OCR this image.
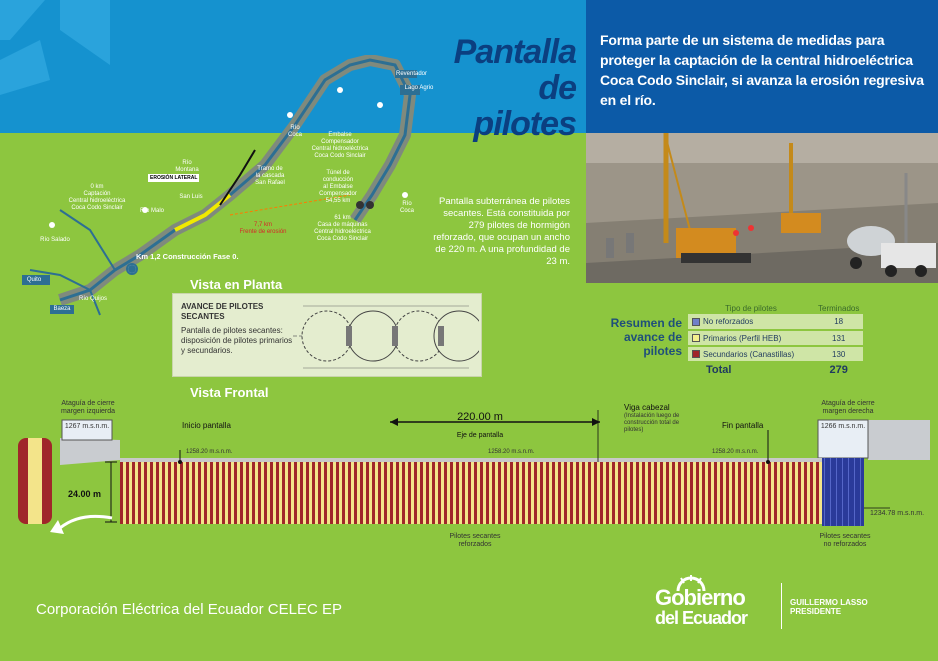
Forma parte de un sistema de medidas para proteger la captación de la central hidroeléctrica Coca Codo Sinclair, si avanza la erosión regresiva en el río.
Quito
Reventador
Lago Agrio
Baeza
0 km
Captación
Central hidroeléctrica
Coca Codo Sinclair
Km 1,2 Construcción Fase 0.
61 km
Casa de máquinas
Central hidroeléctrica
Coca Codo Sinclair
Túnel de
conducción
al Embalse
Compensador
54,55 km
Embalse
Compensador
Central hidroeléctrica
Coca Codo Sinclair
7,7 km
Frente de erosión
Tramo de
la cascada
San Rafael
EROSIÓN LATERAL
Río Malo
Río Salado
Río Quijos
Río Montana
Río Coca
Río Coca
San Luis
Pantalla
de pilotes
Pantalla subterránea de pilotes secantes. Está constituida por 279 pilotes de hormigón reforzado, que ocupan un ancho de 220 m. A una profundidad de 23 m.
Vista en Planta
AVANCE DE PILOTES SECANTES
Pantalla de pilotes secantes: disposición de pilotes primarios y secundarios.
Resumen de avance de pilotes
Tipo de pilotes	Terminados
No reforzados	18
Primarios (Perfil HEB)	131
Secundarios (Canastillas)	130
Total	279
Vista Frontal
Ataguía de cierre
margen izquierda
1267 m.s.n.m.
Ataguía de cierre
margen derecha
1266 m.s.n.m.
220.00 m
Eje de pantalla
Inicio pantalla	Fin pantalla
Viga cabezal
(Instalación luego de construcción total de pilotes)
1258.20 m.s.n.m.	1258.20 m.s.n.m.	1258.20 m.s.n.m.
24.00 m
1234.78 m.s.n.m.
Pilotes secantes
reforzados
Pilotes secantes
no reforzados
Corporación Eléctrica del Ecuador CELEC EP	Gobierno
del Ecuador
GUILLERMO LASSO
PRESIDENTE
